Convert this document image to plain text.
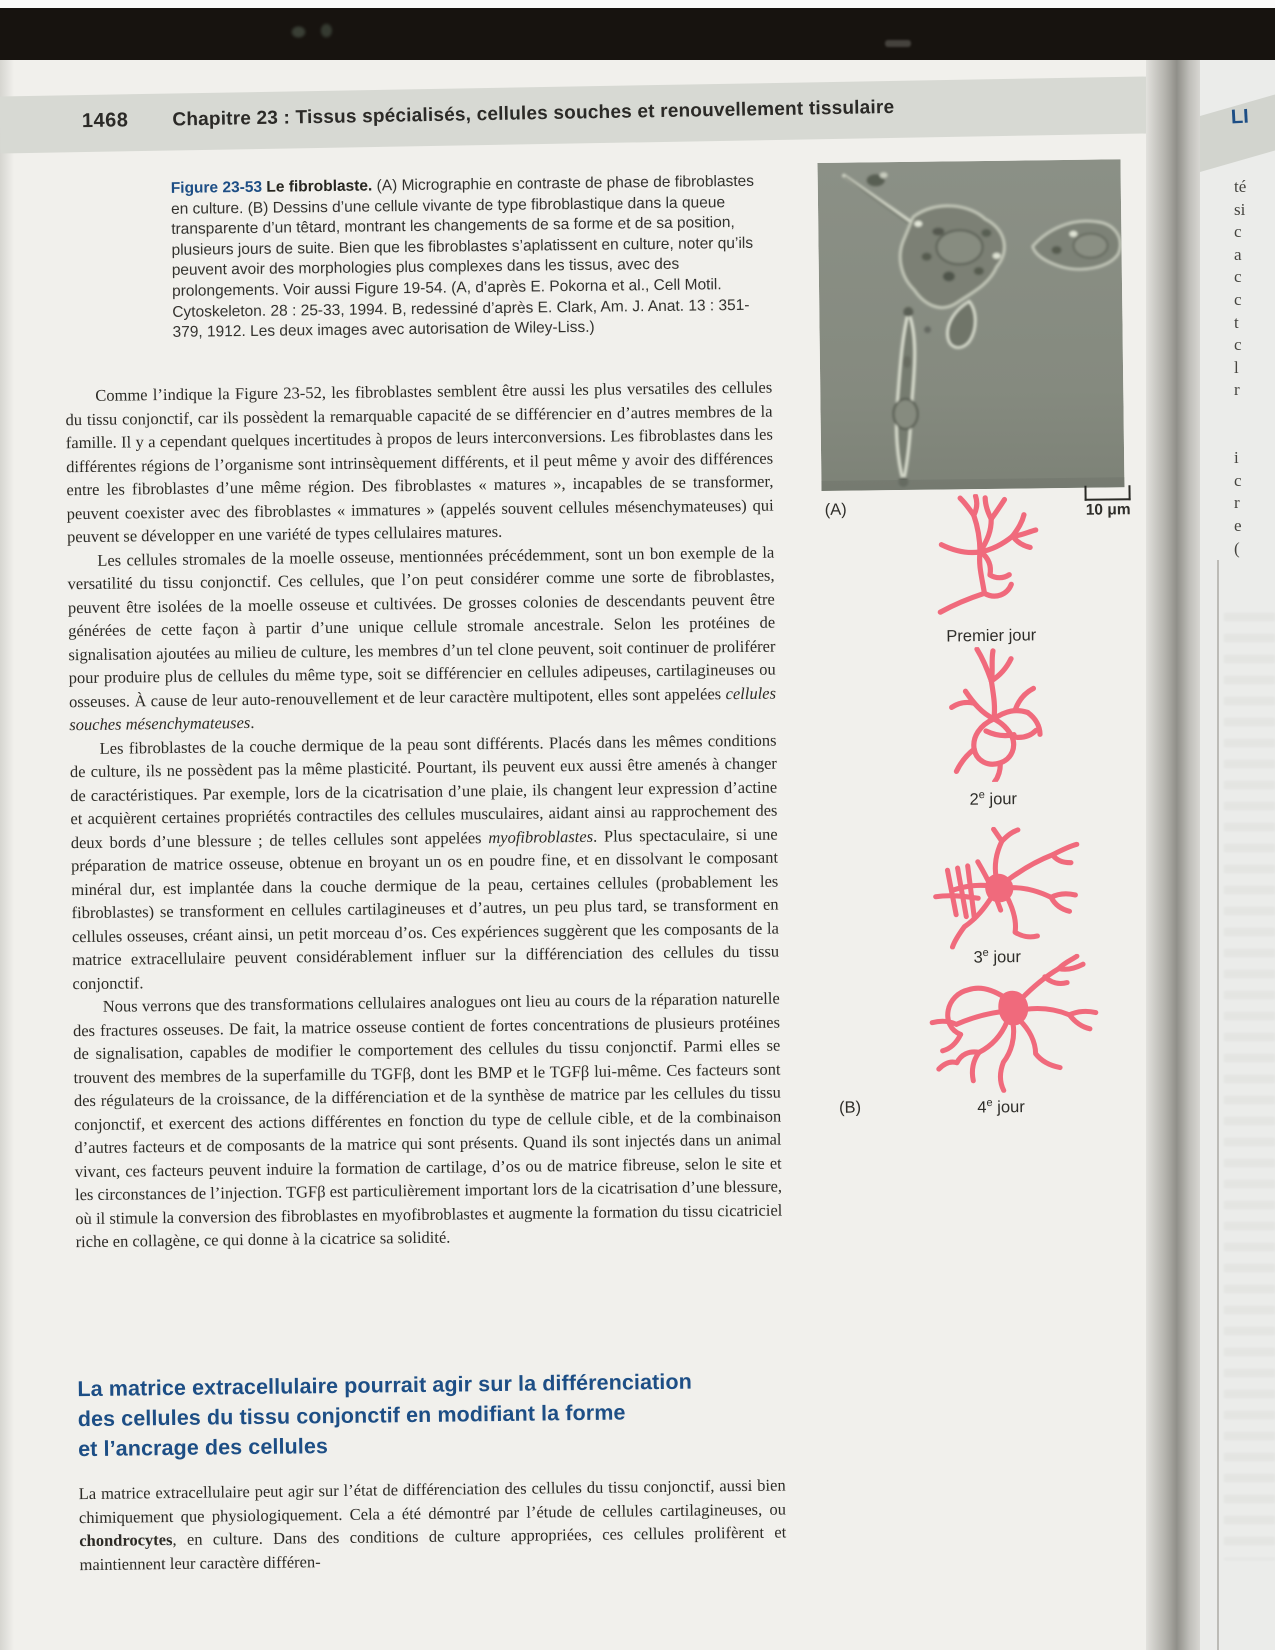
1468 Chapitre 23 : Tissus spécialisés, cellules souches et renouvellement tissulaire
Figure 23-53 Le fibroblaste. (A) Micrographie en contraste de phase de fibroblastes en culture. (B) Dessins d’une cellule vivante de type fibroblastique dans la queue transparente d’un têtard, montrant les changements de sa forme et de sa position, plusieurs jours de suite. Bien que les fibroblastes s’aplatissent en culture, noter qu’ils peuvent avoir des morphologies plus complexes dans les tissus, avec des prolongements. Voir aussi Figure 19-54. (A, d’après E. Pokorna et al., Cell Motil. Cytoskeleton. 28 : 25-33, 1994. B, redessiné d’après E. Clark, Am. J. Anat. 13 : 351-379, 1912. Les deux images avec autorisation de Wiley-Liss.)
(A)	10 μm
Premier jour
2e jour
3e jour
(B)	4e jour

Comme l’indique la Figure 23-52, les fibroblastes semblent être aussi les plus versatiles des cellules du tissu conjonctif, car ils possèdent la remarquable capacité de se différencier en d’autres membres de la famille. Il y a cependant quelques incertitudes à propos de leurs interconversions. Les fibroblastes dans les différentes régions de l’organisme sont intrinsèquement différents, et il peut même y avoir des différences entre les fibroblastes d’une même région. Des fibroblastes « matures », incapables de se transformer, peuvent coexister avec des fibroblastes « immatures » (appelés souvent cellules mésenchymateuses) qui peuvent se développer en une variété de types cellulaires matures.

Les cellules stromales de la moelle osseuse, mentionnées précédemment, sont un bon exemple de la versatilité du tissu conjonctif. Ces cellules, que l’on peut considérer comme une sorte de fibroblastes, peuvent être isolées de la moelle osseuse et cultivées. De grosses colonies de descendants peuvent être générées de cette façon à partir d’une unique cellule stromale ancestrale. Selon les protéines de signalisation ajoutées au milieu de culture, les membres d’un tel clone peuvent, soit continuer de proliférer pour produire plus de cellules du même type, soit se différencier en cellules adipeuses, cartilagineuses ou osseuses. À cause de leur auto-renouvellement et de leur caractère multipotent, elles sont appelées cellules souches mésenchymateuses.

Les fibroblastes de la couche dermique de la peau sont différents. Placés dans les mêmes conditions de culture, ils ne possèdent pas la même plasticité. Pourtant, ils peuvent eux aussi être amenés à changer de caractéristiques. Par exemple, lors de la cicatrisation d’une plaie, ils changent leur expression d’actine et acquièrent certaines propriétés contractiles des cellules musculaires, aidant ainsi au rapprochement des deux bords d’une blessure ; de telles cellules sont appelées myofibroblastes. Plus spectaculaire, si une préparation de matrice osseuse, obtenue en broyant un os en poudre fine, et en dissolvant le composant minéral dur, est implantée dans la couche dermique de la peau, certaines cellules (probablement les fibroblastes) se transforment en cellules cartilagineuses et d’autres, un peu plus tard, se transforment en cellules osseuses, créant ainsi, un petit morceau d’os. Ces expériences suggèrent que les composants de la matrice extracellulaire peuvent considérablement influer sur la différenciation des cellules du tissu conjonctif.

Nous verrons que des transformations cellulaires analogues ont lieu au cours de la réparation naturelle des fractures osseuses. De fait, la matrice osseuse contient de fortes concentrations de plusieurs protéines de signalisation, capables de modifier le comportement des cellules du tissu conjonctif. Parmi elles se trouvent des membres de la superfamille du TGFβ, dont les BMP et le TGFβ lui-même. Ces facteurs sont des régulateurs de la croissance, de la différenciation et de la synthèse de matrice par les cellules du tissu conjonctif, et exercent des actions différentes en fonction du type de cellule cible, et de la combinaison d’autres facteurs et de composants de la matrice qui sont présents. Quand ils sont injectés dans un animal vivant, ces facteurs peuvent induire la formation de cartilage, d’os ou de matrice fibreuse, selon le site et les circonstances de l’injection. TGFβ est particulièrement important lors de la cicatrisation d’une blessure, où il stimule la conversion des fibroblastes en myofibroblastes et augmente la formation du tissu cicatriciel riche en collagène, ce qui donne à la cicatrice sa solidité.

La matrice extracellulaire pourrait agir sur la différenciation
des cellules du tissu conjonctif en modifiant la forme
et l’ancrage des cellules

La matrice extracellulaire peut agir sur l’état de différenciation des cellules du tissu conjonctif, aussi bien chimiquement que physiologiquement. Cela a été démontré par l’étude de cellules cartilagineuses, ou chondrocytes, en culture. Dans des conditions de culture appropriées, ces cellules prolifèrent et maintiennent leur caractère différen-

LI
té
si
c
a
c
c
t
c
l
r

i
c
r
e
(
